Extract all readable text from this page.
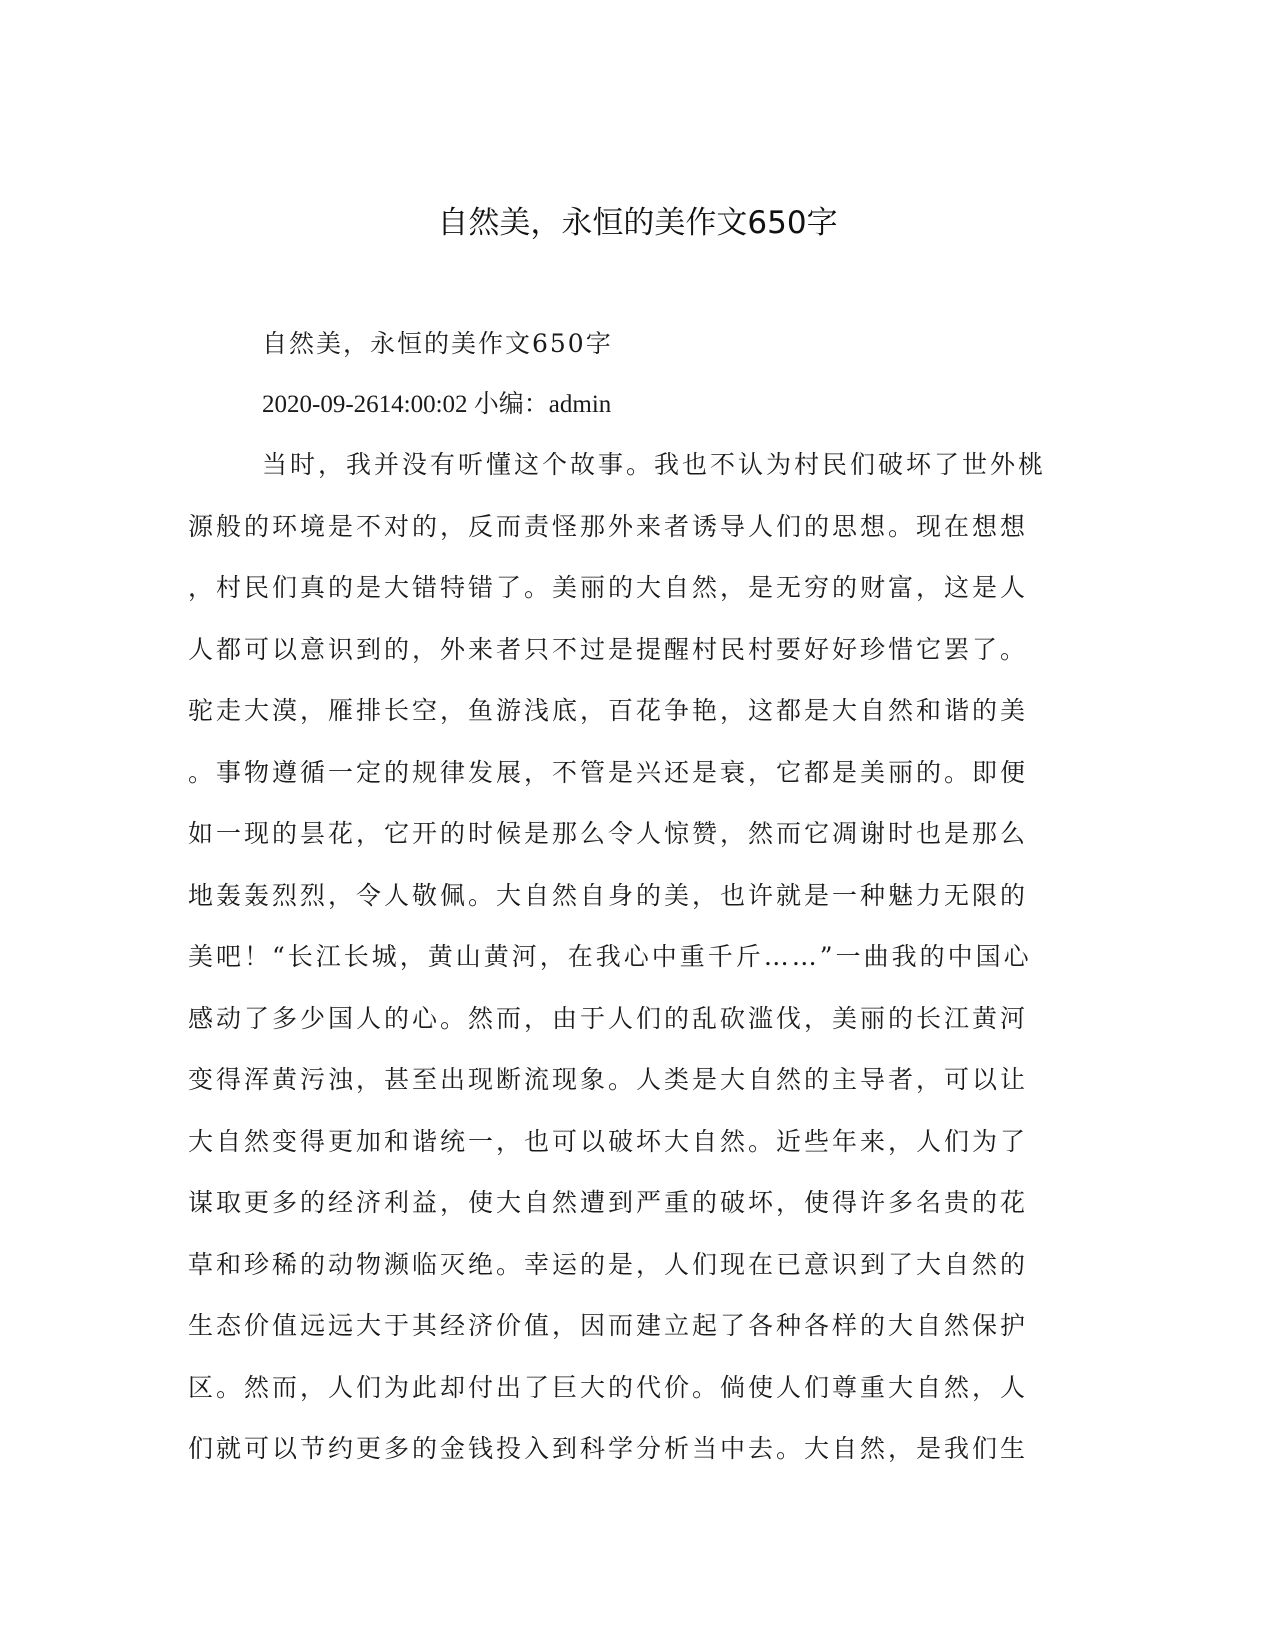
自然美，永恒的美作文650字

自然美，永恒的美作文650字

2020-09-2614:00:02 小编：admin

当时，我并没有听懂这个故事。我也不认为村民们破坏了世外桃
源般的环境是不对的，反而责怪那外来者诱导人们的思想。现在想想
，村民们真的是大错特错了。美丽的大自然，是无穷的财富，这是人
人都可以意识到的，外来者只不过是提醒村民村要好好珍惜它罢了。
驼走大漠，雁排长空，鱼游浅底，百花争艳，这都是大自然和谐的美
。事物遵循一定的规律发展，不管是兴还是衰，它都是美丽的。即便
如一现的昙花，它开的时候是那么令人惊赞，然而它凋谢时也是那么
地轰轰烈烈，令人敬佩。大自然自身的美，也许就是一种魅力无限的
美吧！“长江长城，黄山黄河，在我心中重千斤……”一曲我的中国心
感动了多少国人的心。然而，由于人们的乱砍滥伐，美丽的长江黄河
变得浑黄污浊，甚至出现断流现象。人类是大自然的主导者，可以让
大自然变得更加和谐统一，也可以破坏大自然。近些年来，人们为了
谋取更多的经济利益，使大自然遭到严重的破坏，使得许多名贵的花
草和珍稀的动物濒临灭绝。幸运的是，人们现在已意识到了大自然的
生态价值远远大于其经济价值，因而建立起了各种各样的大自然保护
区。然而，人们为此却付出了巨大的代价。倘使人们尊重大自然，人
们就可以节约更多的金钱投入到科学分析当中去。大自然，是我们生
